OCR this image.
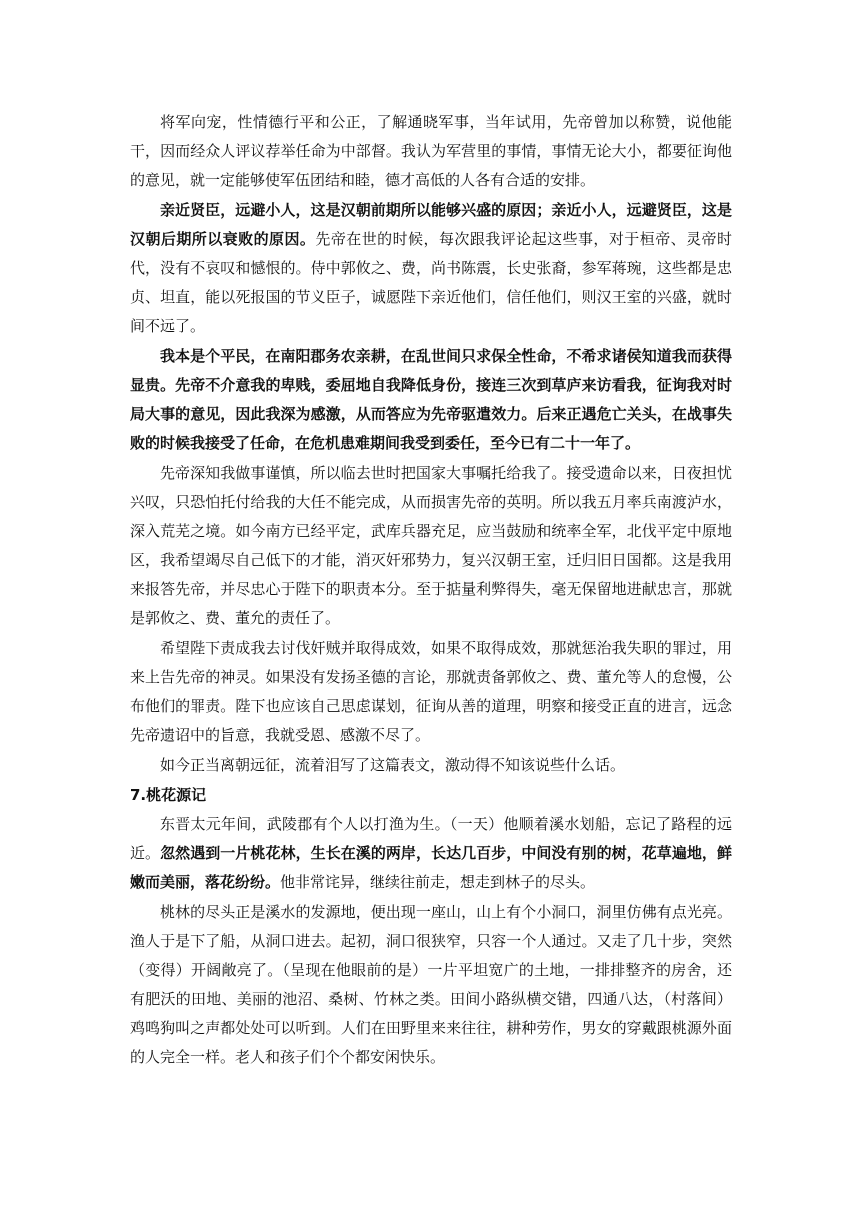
将军向宠，性情德行平和公正，了解通晓军事，当年试用，先帝曾加以称赞，说他能干，因而经众人评议荐举任命为中部督。我认为军营里的事情，事情无论大小，都要征询他的意见，就一定能够使军伍团结和睦，德才高低的人各有合适的安排。

亲近贤臣，远避小人，这是汉朝前期所以能够兴盛的原因；亲近小人，远避贤臣，这是汉朝后期所以衰败的原因。先帝在世的时候，每次跟我评论起这些事，对于桓帝、灵帝时代，没有不哀叹和憾恨的。侍中郭攸之、费，尚书陈震，长史张裔，参军蒋琬，这些都是忠贞、坦直，能以死报国的节义臣子，诚愿陛下亲近他们，信任他们，则汉王室的兴盛，就时间不远了。

我本是个平民，在南阳郡务农亲耕，在乱世间只求保全性命，不希求诸侯知道我而获得显贵。先帝不介意我的卑贱，委屈地自我降低身份，接连三次到草庐来访看我，征询我对时局大事的意见，因此我深为感激，从而答应为先帝驱遣效力。后来正遇危亡关头，在战事失败的时候我接受了任命，在危机患难期间我受到委任，至今已有二十一年了。

先帝深知我做事谨慎，所以临去世时把国家大事嘱托给我了。接受遗命以来，日夜担忧兴叹，只恐怕托付给我的大任不能完成，从而损害先帝的英明。所以我五月率兵南渡泸水，深入荒芜之境。如今南方已经平定，武库兵器充足，应当鼓励和统率全军，北伐平定中原地区，我希望竭尽自己低下的才能，消灭奸邪势力，复兴汉朝王室，迁归旧日国都。这是我用来报答先帝，并尽忠心于陛下的职责本分。至于掂量利弊得失，毫无保留地进献忠言，那就是郭攸之、费、董允的责任了。

希望陛下责成我去讨伐奸贼并取得成效，如果不取得成效，那就惩治我失职的罪过，用来上告先帝的神灵。如果没有发扬圣德的言论，那就责备郭攸之、费、董允等人的怠慢，公布他们的罪责。陛下也应该自己思虑谋划，征询从善的道理，明察和接受正直的进言，远念先帝遗诏中的旨意，我就受恩、感激不尽了。

如今正当离朝远征，流着泪写了这篇表文，激动得不知该说些什么话。

7.桃花源记

东晋太元年间，武陵郡有个人以打渔为生。（一天）他顺着溪水划船，忘记了路程的远近。忽然遇到一片桃花林，生长在溪的两岸，长达几百步，中间没有别的树，花草遍地，鲜嫩而美丽，落花纷纷。他非常诧异，继续往前走，想走到林子的尽头。

桃林的尽头正是溪水的发源地，便出现一座山，山上有个小洞口，洞里仿佛有点光亮。渔人于是下了船，从洞口进去。起初，洞口很狭窄，只容一个人通过。又走了几十步，突然（变得）开阔敞亮了。（呈现在他眼前的是）一片平坦宽广的土地，一排排整齐的房舍，还有肥沃的田地、美丽的池沼、桑树、竹林之类。田间小路纵横交错，四通八达，（村落间）鸡鸣狗叫之声都处处可以听到。人们在田野里来来往往，耕种劳作，男女的穿戴跟桃源外面的人完全一样。老人和孩子们个个都安闲快乐。
